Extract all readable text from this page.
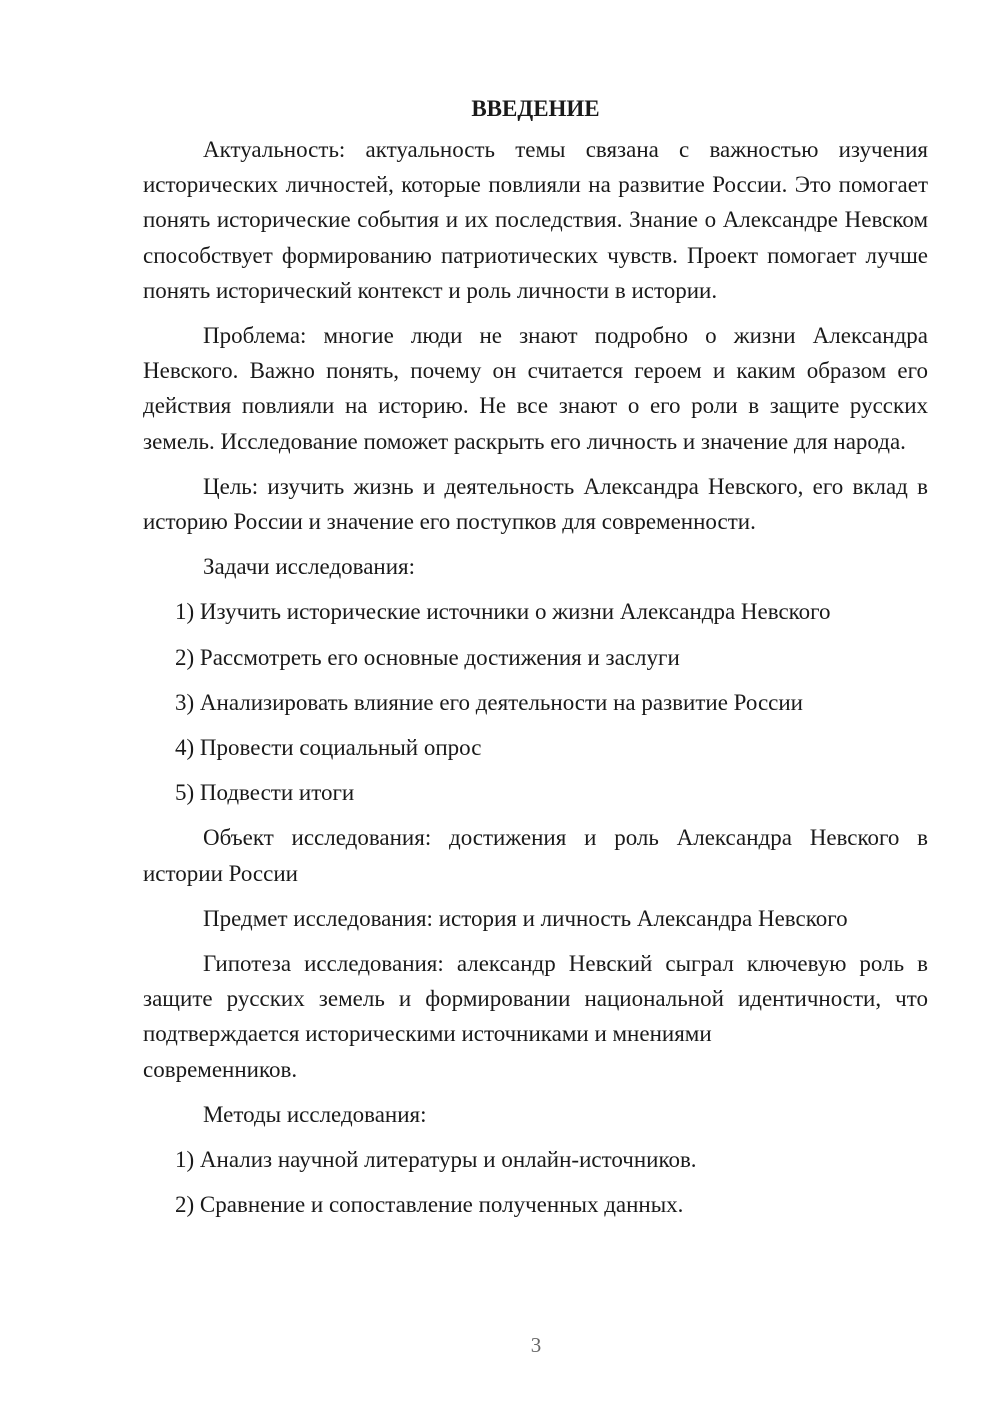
ВВЕДЕНИЕ

Актуальность: актуальность темы связана с важностью изучения исторических личностей, которые повлияли на развитие России. Это помогает понять исторические события и их последствия. Знание о Александре Невском способствует формированию патриотических чувств. Проект помогает лучше понять исторический контекст и роль личности в истории.

Проблема: многие люди не знают подробно о жизни Александра Невского. Важно понять, почему он считается героем и каким образом его действия повлияли на историю. Не все знают о его роли в защите русских земель. Исследование поможет раскрыть его личность и значение для народа.

Цель: изучить жизнь и деятельность Александра Невского, его вклад в историю России и значение его поступков для современности.

Задачи исследования:

1) Изучить исторические источники о жизни Александра Невского
2) Рассмотреть его основные достижения и заслуги
3) Анализировать влияние его деятельности на развитие России
4) Провести социальный опрос
5) Подвести итоги

Объект исследования: достижения и роль Александра Невского в истории России

Предмет исследования: история и личность Александра Невского

Гипотеза исследования: александр Невский сыграл ключевую роль в защите русских земель и формировании национальной идентичности, что подтверждается историческими источниками и мнениями

современников.

Методы исследования:

1) Анализ научной литературы и онлайн-источников.
2) Сравнение и сопоставление полученных данных.
3
